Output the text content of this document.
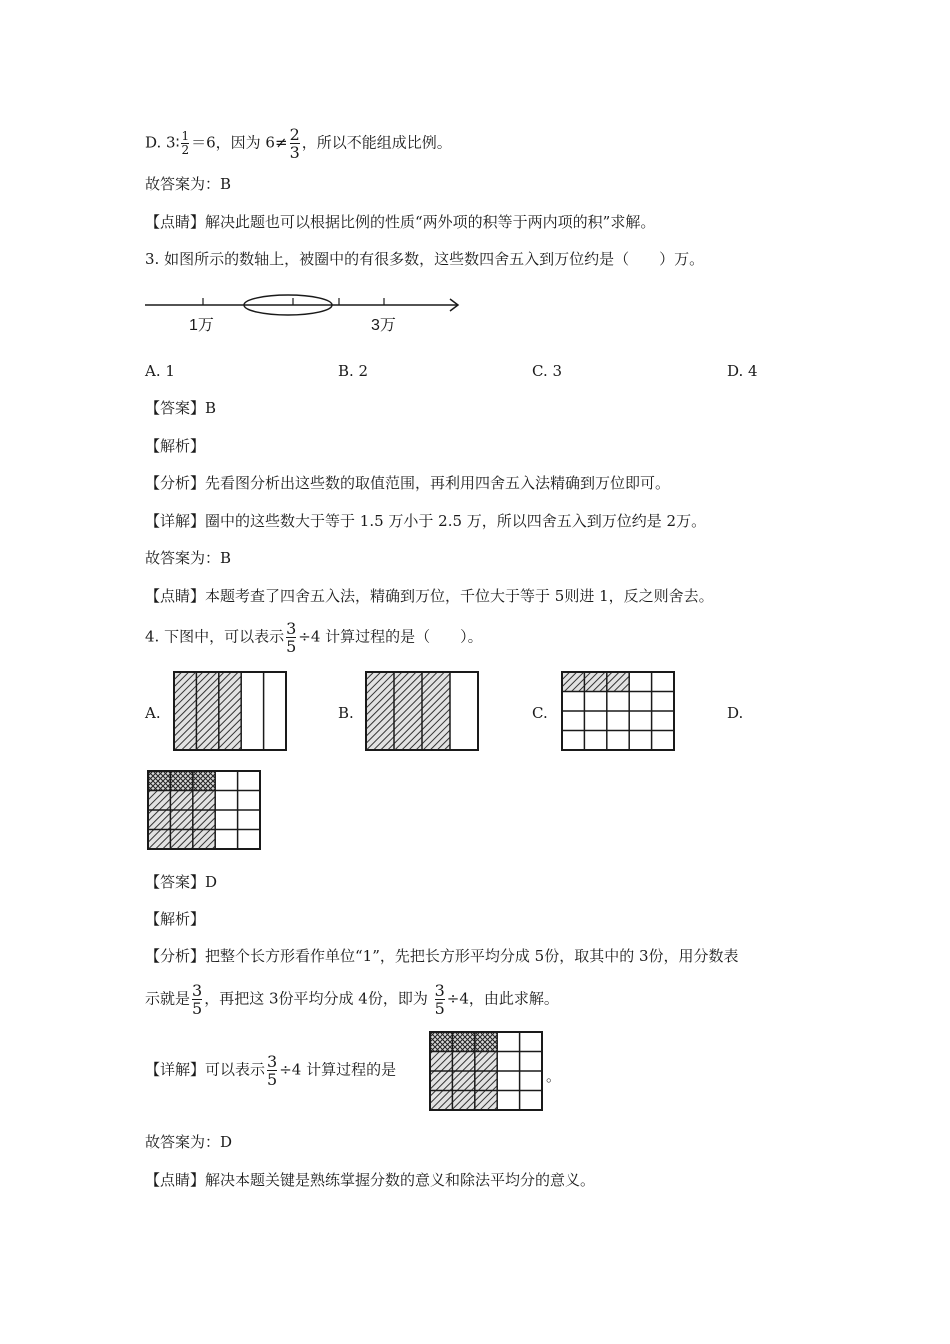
D. 3∶ $\frac{1}{2} =6$，因为 $6\ne \frac{2}{3}$ ，所以不能组成比例。
故答案为：B
【点睛】解决此题也可以根据比例的性质“两外项的积等于两内项的积”求解。
3. 如图所示的数轴上，被圈中的有很多数，这些数四舍五入到万位约是（　　）万。
1万	3万
A. 1	B. 2	C. 3	D. 4
【答案】B
【解析】
【分析】先看图分析出这些数的取值范围，再利用四舍五入法精确到万位即可。
【详解】圈中的这些数大于等于 1.5 万小于 2.5 万，所以四舍五入到万位约是 2万。
故答案为：B
【点睛】本题考查了四舍五入法，精确到万位，千位大于等于 5则进 1，反之则舍去。
4. 下图中，可以表示 $\frac{3}{5} \div 4$ 计算过程的是（　　）。
A.	B.	C.	D.
【答案】D
【解析】
【分析】把整个长方形看作单位“1”，先把长方形平均分成 5份，取其中的 3份，用分数表
示就是 $\frac{3}{5}$ ，再把这 3份平均分成 4份，即为 $\frac{3}{5} \div 4$，由此求解。
【详解】可以表示 $\frac{3}{5} \div 4$ 计算过程的是	。
故答案为：D
【点睛】解决本题关键是熟练掌握分数的意义和除法平均分的意义。
